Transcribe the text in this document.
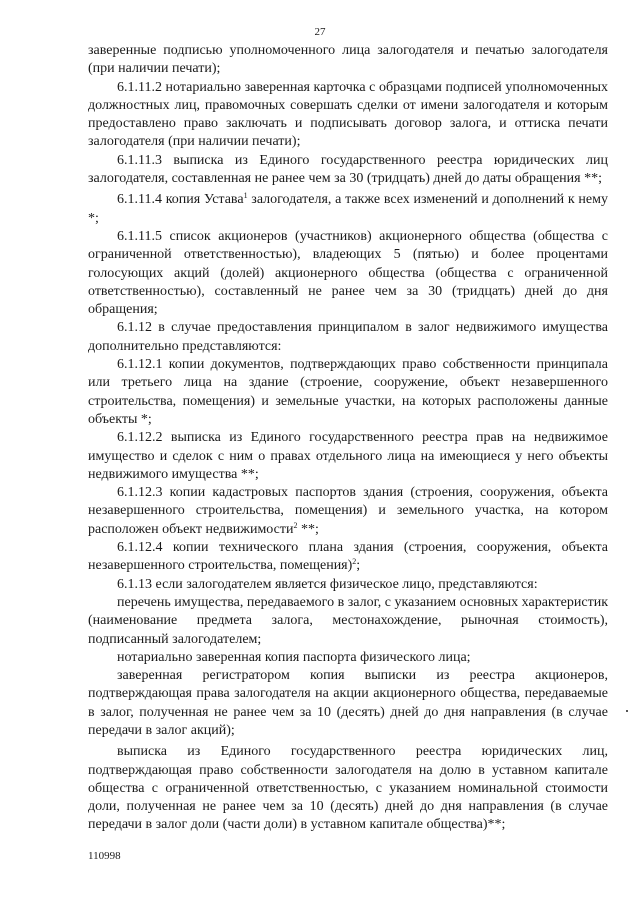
27

заверенные подписью уполномоченного лица залогодателя и печатью залогодателя (при наличии печати);

6.1.11.2 нотариально заверенная карточка с образцами подписей уполномоченных должностных лиц, правомочных совершать сделки от имени залогодателя и которым предоставлено право заключать и подписывать договор залога, и оттиска печати залогодателя (при наличии печати);

6.1.11.3 выписка из Единого государственного реестра юридических лиц залогодателя, составленная не ранее чем за 30 (тридцать) дней до даты обращения **;

6.1.11.4 копия Устава$^1$ залогодателя, а также всех изменений и дополнений к нему *;

6.1.11.5 список акционеров (участников) акционерного общества (общества с ограниченной ответственностью), владеющих 5 (пятью) и более процентами голосующих акций (долей) акционерного общества (общества с ограниченной ответственностью), составленный не ранее чем за 30 (тридцать) дней до дня обращения;

6.1.12 в случае предоставления принципалом в залог недвижимого имущества дополнительно представляются:

6.1.12.1 копии документов, подтверждающих право собственности принципала или третьего лица на здание (строение, сооружение, объект незавершенного строительства, помещения) и земельные участки, на которых расположены данные объекты *;

6.1.12.2 выписка из Единого государственного реестра прав на недвижимое имущество и сделок с ним о правах отдельного лица на имеющиеся у него объекты недвижимого имущества **;

6.1.12.3 копии кадастровых паспортов здания (строения, сооружения, объекта незавершенного строительства, помещения) и земельного участка, на котором расположен объект недвижимости$^2$ **;

6.1.12.4 копии технического плана здания (строения, сооружения, объекта незавершенного строительства, помещения)$^2$;

6.1.13 если залогодателем является физическое лицо, представляются:

перечень имущества, передаваемого в залог, с указанием основных характеристик (наименование предмета залога, местонахождение, рыночная стоимость), подписанный залогодателем;

нотариально заверенная копия паспорта физического лица;

заверенная регистратором копия выписки из реестра акционеров, подтверждающая права залогодателя на акции акционерного общества, передаваемые в залог, полученная не ранее чем за 10 (десять) дней до дня направления (в случае передачи в залог акций);

выписка из Единого государственного реестра юридических лиц, подтверждающая право собственности залогодателя на долю в уставном капитале общества с ограниченной ответственностью, с указанием номинальной стоимости доли, полученная не ранее чем за 10 (десять) дней до дня направления (в случае передачи в залог доли (части доли) в уставном капитале общества)**;

110998
